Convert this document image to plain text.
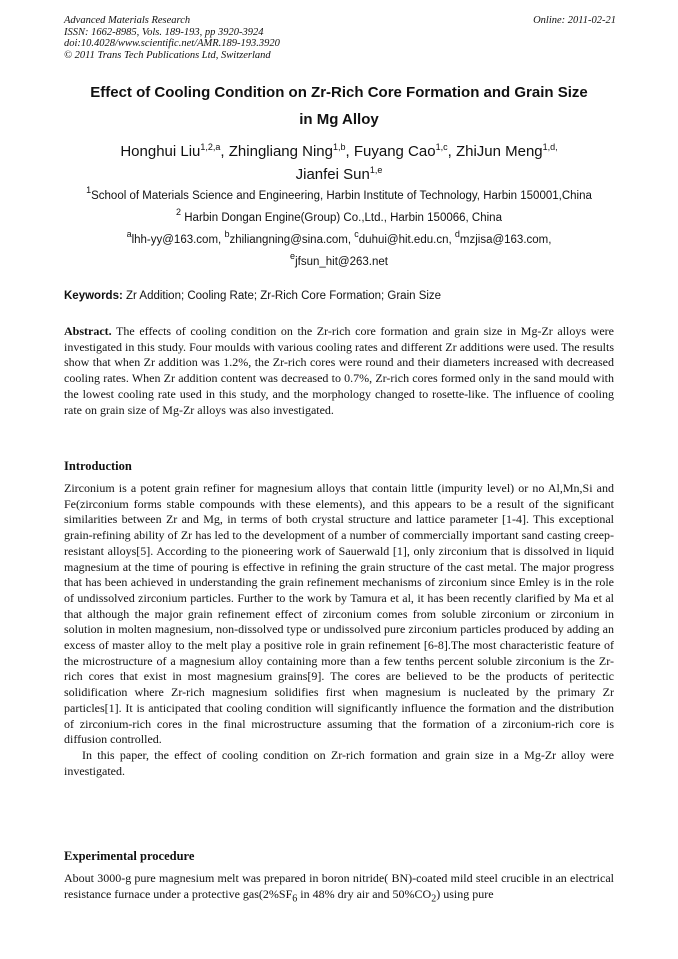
Advanced Materials Research
ISSN: 1662-8985, Vols. 189-193, pp 3920-3924
doi:10.4028/www.scientific.net/AMR.189-193.3920
© 2011 Trans Tech Publications Ltd, Switzerland
Online: 2011-02-21
Effect of Cooling Condition on Zr-Rich Core Formation and Grain Size
in Mg Alloy
Honghui Liu$^{1,2,a}$, Zhingliang Ning$^{1,b}$, Fuyang Cao$^{1,c}$, ZhiJun Meng$^{1,d,}$
Jianfei Sun$^{1,e}$
$^1$School of Materials Science and Engineering, Harbin Institute of Technology, Harbin 150001,China
$^2$ Harbin Dongan Engine(Group) Co.,Ltd., Harbin 150066, China
$^a$lhh-yy@163.com, $^b$zhiliangning@sina.com, $^c$duhui@hit.edu.cn, $^d$mzjisa@163.com,
$^e$jfsun_hit@263.net
Keywords: Zr Addition; Cooling Rate; Zr-Rich Core Formation; Grain Size

Abstract. The effects of cooling condition on the Zr-rich core formation and grain size in Mg-Zr alloys were investigated in this study. Four moulds with various cooling rates and different Zr additions were used. The results show that when Zr addition was 1.2%, the Zr-rich cores were round and their diameters increased with decreased cooling rates. When Zr addition content was decreased to 0.7%, Zr-rich cores formed only in the sand mould with the lowest cooling rate used in this study, and the morphology changed to rosette-like. The influence of cooling rate on grain size of Mg-Zr alloys was also investigated.

Introduction

Zirconium is a potent grain refiner for magnesium alloys that contain little (impurity level) or no Al,Mn,Si and Fe(zirconium forms stable compounds with these elements), and this appears to be a result of the significant similarities between Zr and Mg, in terms of both crystal structure and lattice parameter [1-4]. This exceptional grain-refining ability of Zr has led to the development of a number of commercially important sand casting creep-resistant alloys[5]. According to the pioneering work of Sauerwald [1], only zirconium that is dissolved in liquid magnesium at the time of pouring is effective in refining the grain structure of the cast metal. The major progress that has been achieved in understanding the grain refinement mechanisms of zirconium since Emley is in the role of undissolved zirconium particles. Further to the work by Tamura et al, it has been recently clarified by Ma et al that although the major grain refinement effect of zirconium comes from soluble zirconium or zirconium in solution in molten magnesium, non-dissolved type or undissolved pure zirconium particles produced by adding an excess of master alloy to the melt play a positive role in grain refinement [6-8].The most characteristic feature of the microstructure of a magnesium alloy containing more than a few tenths percent soluble zirconium is the Zr-rich cores that exist in most magnesium grains[9]. The cores are believed to be the products of peritectic solidification where Zr-rich magnesium solidifies first when magnesium is nucleated by the primary Zr particles[1]. It is anticipated that cooling condition will significantly influence the formation and the distribution of zirconium-rich cores in the final microstructure assuming that the formation of a zirconium-rich core is diffusion controlled.

In this paper, the effect of cooling condition on Zr-rich formation and grain size in a Mg-Zr alloy were investigated.

Experimental procedure

About 3000-g pure magnesium melt was prepared in boron nitride( BN)-coated mild steel crucible in an electrical resistance furnace under a protective $gas(2\%SF_6$ in 48% dry air and $50\%CO_2$) using pure
